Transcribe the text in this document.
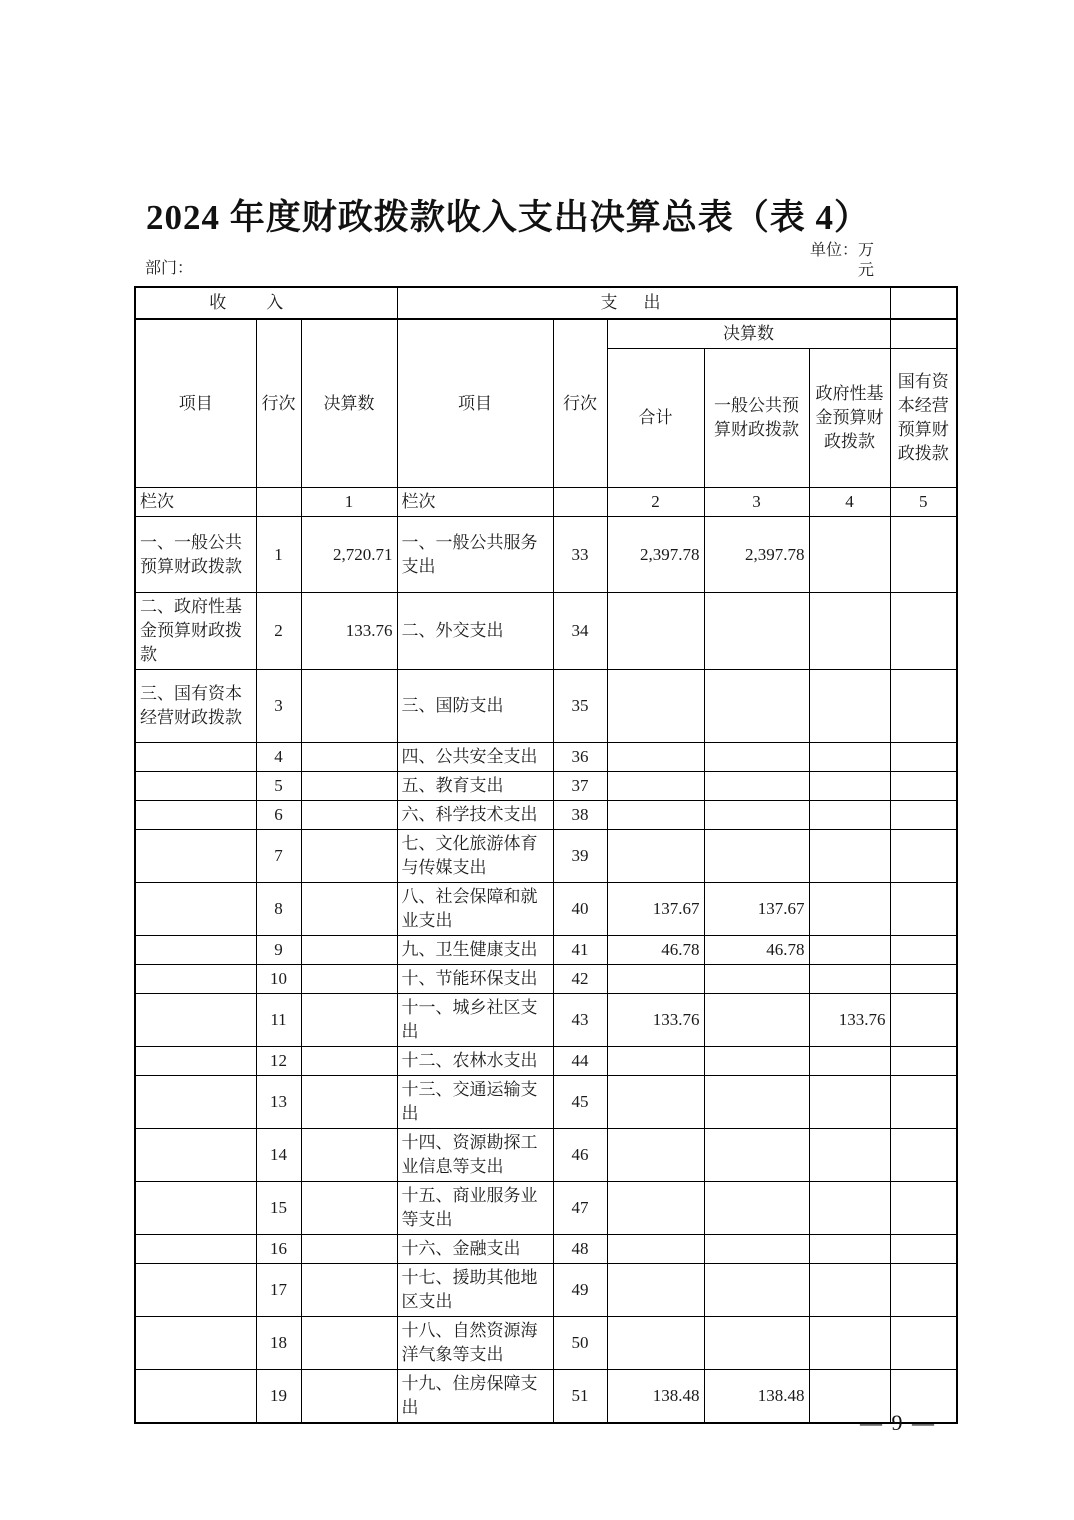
2024 年度财政拨款收入支出决算总表（表 4）
部门：
单位：万元
收入			支出					
项目	行次	决算数	项目	行次	决算数			
					合计	一般公共预算财政拨款	政府性基金预算财政拨款	国有资本经营预算财政拨款
栏次		1	栏次		2	3	4	5
一、一般公共预算财政拨款	1	2,720.71	一、一般公共服务支出	33	2,397.78	2,397.78		
二、政府性基金预算财政拨款	2	133.76	二、外交支出	34				
三、国有资本经营财政拨款	3		三、国防支出	35				
	4		四、公共安全支出	36				
	5		五、教育支出	37				
	6		六、科学技术支出	38				
	7		七、文化旅游体育与传媒支出	39				
	8		八、社会保障和就业支出	40	137.67	137.67		
	9		九、卫生健康支出	41	46.78	46.78		
	10		十、节能环保支出	42				
	11		十一、城乡社区支出	43	133.76		133.76	
	12		十二、农林水支出	44				
	13		十三、交通运输支出	45				
	14		十四、资源勘探工业信息等支出	46				
	15		十五、商业服务业等支出	47				
	16		十六、金融支出	48				
	17		十七、援助其他地区支出	49				
	18		十八、自然资源海洋气象等支出	50				
	19		十九、住房保障支出	51	138.48	138.48		
— 9 —
